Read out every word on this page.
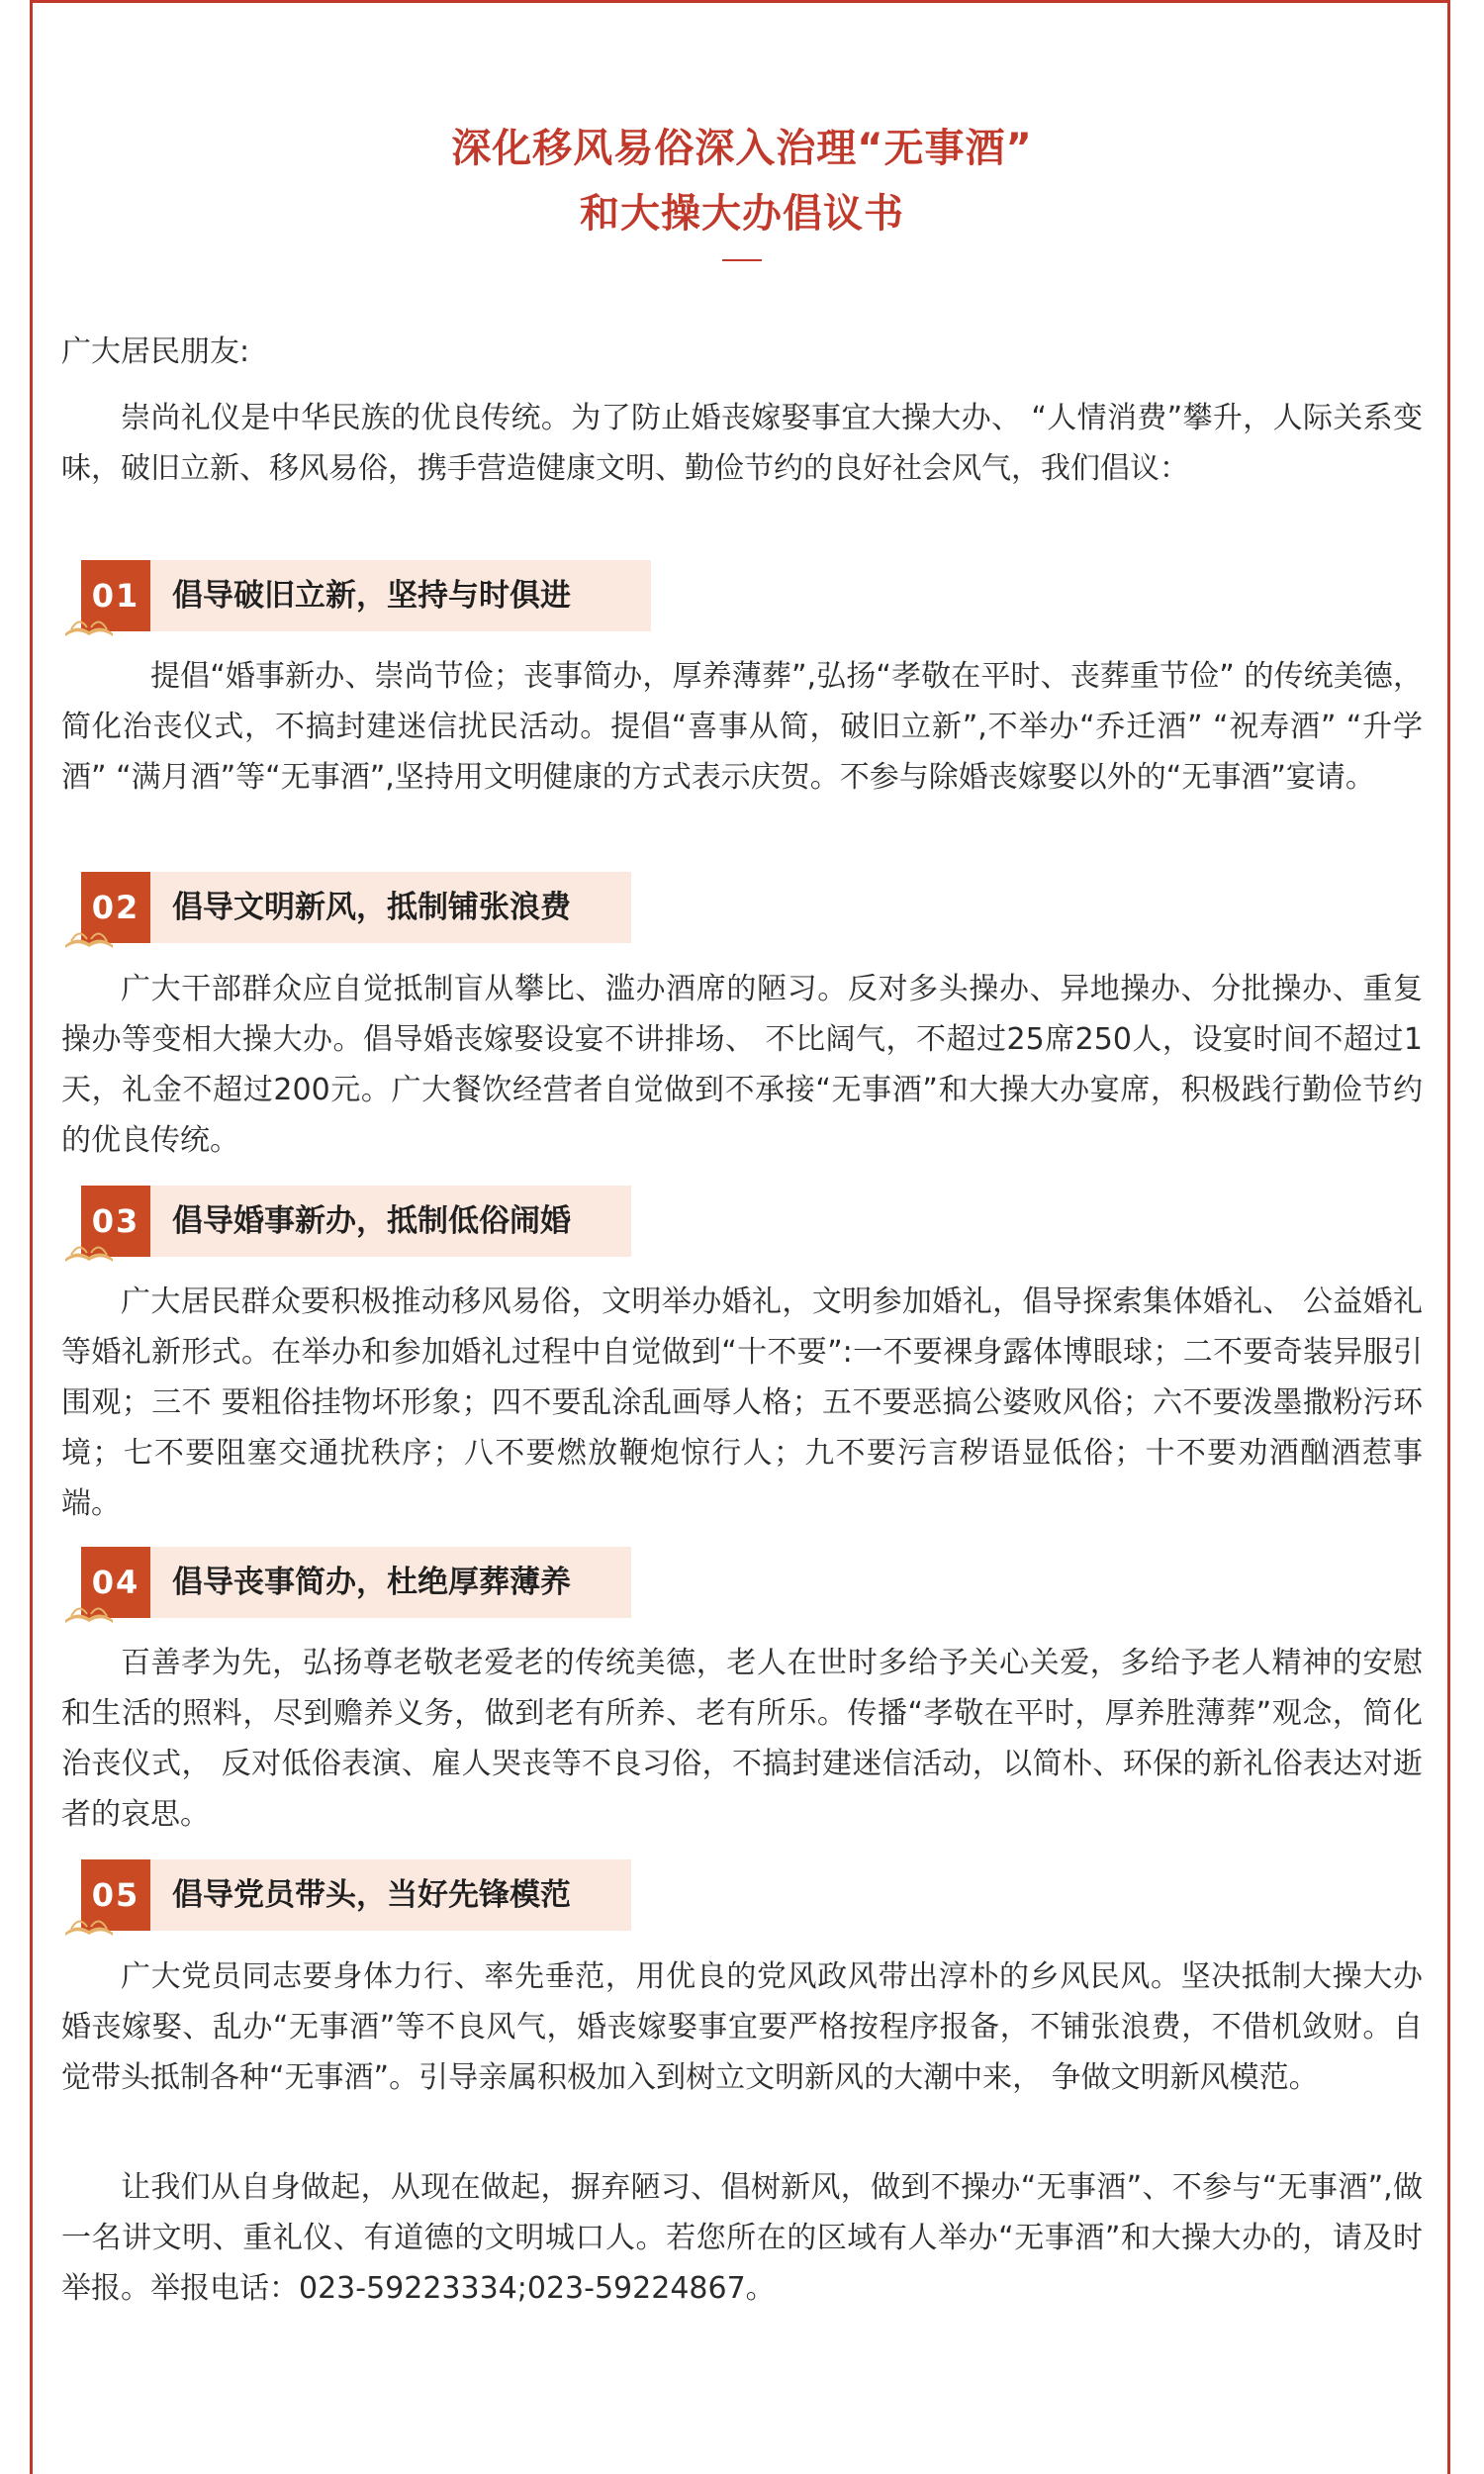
深化移风易俗深入治理“无事酒”
和大操大办倡议书

广大居民朋友:

崇尚礼仪是中华民族的优良传统。为了防止婚丧嫁娶事宜大操大办、 “人情消费”攀升，人际关系变味，破旧立新、移风易俗，携手营造健康文明、勤俭节约的良好社会风气，我们倡议：

01	倡导破旧立新，坚持与时俱进

提倡“婚事新办、崇尚节俭；丧事简办，厚养薄葬”,弘扬“孝敬在平时、丧葬重节俭” 的传统美德，简化治丧仪式，不搞封建迷信扰民活动。提倡“喜事从简，破旧立新”,不举办“乔迁酒” “祝寿酒” “升学酒” “满月酒”等“无事酒”,坚持用文明健康的方式表示庆贺。不参与除婚丧嫁娶以外的“无事酒”宴请。

02	倡导文明新风，抵制铺张浪费

广大干部群众应自觉抵制盲从攀比、滥办酒席的陋习。反对多头操办、异地操办、分批操办、重复操办等变相大操大办。倡导婚丧嫁娶设宴不讲排场、 不比阔气，不超过25席250人，设宴时间不超过1天，礼金不超过200元。广大餐饮经营者自觉做到不承接“无事酒”和大操大办宴席，积极践行勤俭节约的优良传统。

03	倡导婚事新办，抵制低俗闹婚

广大居民群众要积极推动移风易俗，文明举办婚礼，文明参加婚礼，倡导探索集体婚礼、 公益婚礼等婚礼新形式。在举办和参加婚礼过程中自觉做到“十不要”:一不要裸身露体博眼球；二不要奇装异服引围观；三不 要粗俗挂物坏形象；四不要乱涂乱画辱人格；五不要恶搞公婆败风俗；六不要泼墨撒粉污环境；七不要阻塞交通扰秩序；八不要燃放鞭炮惊行人；九不要污言秽语显低俗；十不要劝酒酗酒惹事端。

04	倡导丧事简办，杜绝厚葬薄养

百善孝为先，弘扬尊老敬老爱老的传统美德，老人在世时多给予关心关爱，多给予老人精神的安慰和生活的照料，尽到赡养义务，做到老有所养、老有所乐。传播“孝敬在平时，厚养胜薄葬”观念，简化治丧仪式， 反对低俗表演、雇人哭丧等不良习俗，不搞封建迷信活动，以简朴、环保的新礼俗表达对逝者的哀思。

05	倡导党员带头，当好先锋模范

广大党员同志要身体力行、率先垂范，用优良的党风政风带出淳朴的乡风民风。坚决抵制大操大办婚丧嫁娶、乱办“无事酒”等不良风气，婚丧嫁娶事宜要严格按程序报备，不铺张浪费，不借机敛财。自觉带头抵制各种“无事酒”。引导亲属积极加入到树立文明新风的大潮中来， 争做文明新风模范。

让我们从自身做起，从现在做起，摒弃陋习、倡树新风，做到不操办“无事酒”、不参与“无事酒”,做一名讲文明、重礼仪、有道德的文明城口人。若您所在的区域有人举办“无事酒”和大操大办的，请及时举报。举报电话：023-59223334;023-59224867。
